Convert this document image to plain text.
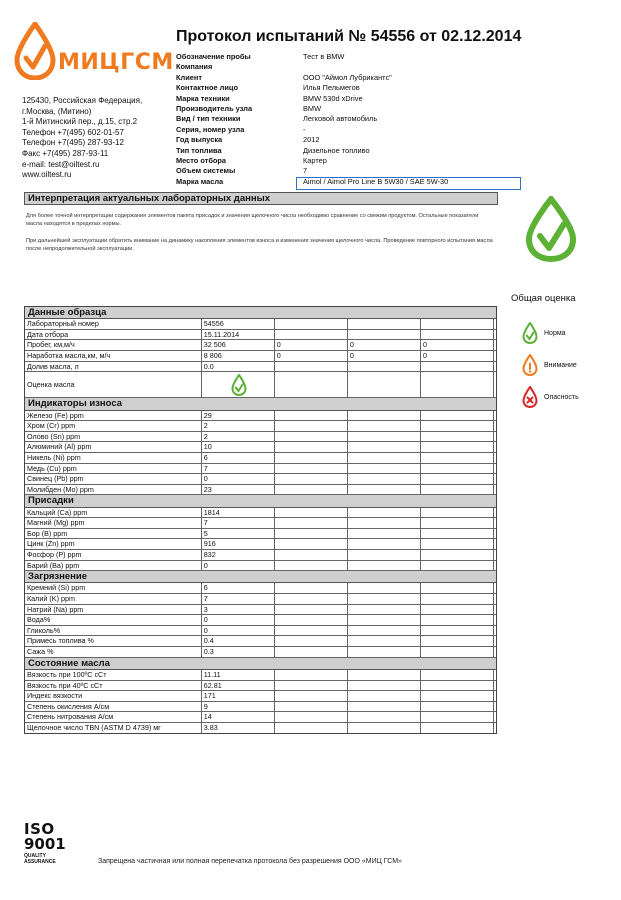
МИЦГСМ
125430, Российская Федерация,
г.Москва, (Митино)
1-й Митинский пер., д.15, стр.2
Телефон +7(495) 602-01-57
Телефон +7(495) 287-93-12
Факс +7(495) 287-93-11
e-mail: test@oiltest.ru
www.oiltest.ru
Протокол испытаний № 54556 от 02.12.2014
Обозначение пробы	Тест в BMW
Компания
Клиент	ООО "Аймол Лубрикантс"
Контактное лицо	Илья Пельмегов
Марка техники	BMW 530d xDrive
Производитель узла	BMW
Вид / тип техники	Легковой автомобиль
Серия, номер узла	-
Год выпуска	2012
Тип топлива	Дизельное топливо
Место отбора	Картер
Объем системы	7
Марка масла	Aimol / Aimol Pro Line B 5W30 / SAE 5W-30
Интерпретация актуальных лабораторных данных
Для более точной интерпретации содержания элементов пакета присадок и значения щелочного числа необходимо сравнение со свежим продуктом. Остальные показатели масла находятся в пределах нормы.
При дальнейшей эксплуатации обратить внимание на динамику накопления элементов износа и изменения значения щелочного числа. Проведение повторного испытания масла после непродолжительной эксплуатации.
Общая оценка
Норма
Внимание
Опасность
Данные образца
Лабораторный номер	54556
Дата отбора	15.11.2014
Пробег, км,м/ч	32 506	0	0	0
Наработка масла,км, м/ч	8 806	0	0	0
Долив масла, л	0.0
Оценка масла
Индикаторы износа
Железо (Fe) ppm	29
Хром (Cr) ppm	2
Олово (Sn) ppm	2
Алюминий (Al) ppm	10
Никель (Ni) ppm	6
Медь (Cu) ppm	7
Свинец (Pb) ppm	0
Молибден (Mo) ppm	23
Присадки
Кальций (Ca) ppm	1814
Магний (Mg) ppm	7
Бор (B) ppm	5
Цинк (Zn) ppm	916
Фосфор (P) ppm	832
Барий (Ba) ppm	0
Загрязнение
Кремний (Si) ppm	6
Калий (K) ppm	7
Натрий (Na) ppm	3
Вода%	0
Гликоль%	0
Примесь топлива %	0.4
Сажа %	0.3
Состояние масла
Вязкость при 100ºC cCт	11.11
Вязкость при 40ºC cCт	62.81
Индекс вязкости	171
Степень окисления A/cм	9
Степень нитрования A/cм	14
Щелочное число TBN (ASTM D 4739) мг	3.83
ISO
9001
QUALITY
ASSURANCE	Запрещена частичная или полная перепечатка протокола без разрешения ООО «МИЦ ГСМ»
